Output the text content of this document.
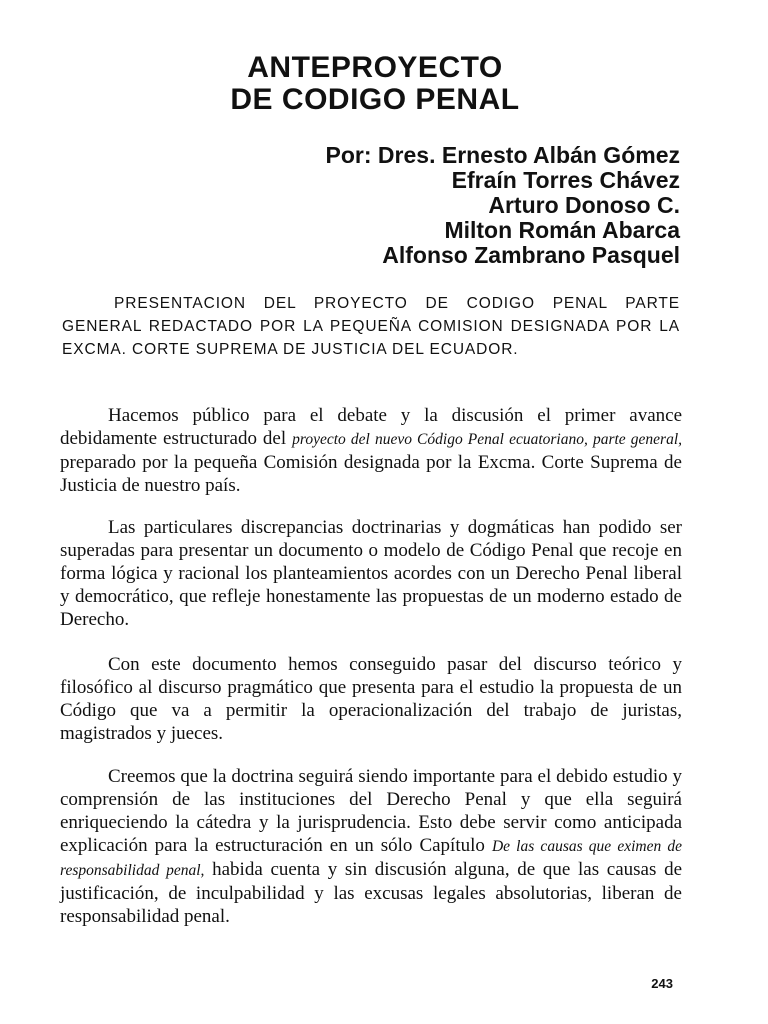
ANTEPROYECTO
DE CODIGO PENAL
Por: Dres. Ernesto Albán Gómez
Efraín Torres Chávez
Arturo Donoso C.
Milton Román Abarca
Alfonso Zambrano Pasquel
PRESENTACION DEL PROYECTO DE CODIGO PENAL PARTE GENERAL REDACTADO POR LA PEQUEÑA COMISION DESIGNADA POR LA EXCMA. CORTE SUPREMA DE JUSTICIA DEL ECUADOR.

Hacemos público para el debate y la discusión el primer avance debidamente estructurado del proyecto del nuevo Código Penal ecuatoriano, parte general, preparado por la pequeña Comisión designada por la Excma. Corte Suprema de Justicia de nuestro país.

Las particulares discrepancias doctrinarias y dogmáticas han podido ser superadas para presentar un documento o modelo de Código Penal que recoje en forma lógica y racional los planteamientos acordes con un Derecho Penal liberal y democrático, que refleje honestamente las propuestas de un moderno estado de Derecho.

Con este documento hemos conseguido pasar del discurso teórico y filosófico al discurso pragmático que presenta para el estudio la propuesta de un Código que va a permitir la operacionalización del trabajo de juristas, magistrados y jueces.

Creemos que la doctrina seguirá siendo importante para el debido estudio y comprensión de las instituciones del Derecho Penal y que ella seguirá enriqueciendo la cátedra y la jurisprudencia. Esto debe servir como anticipada explicación para la estructuración en un sólo Capítulo De las causas que eximen de responsabilidad penal, habida cuenta y sin discusión alguna, de que las causas de justificación, de inculpabilidad y las excusas legales absolutorias, liberan de responsabilidad penal.

243
